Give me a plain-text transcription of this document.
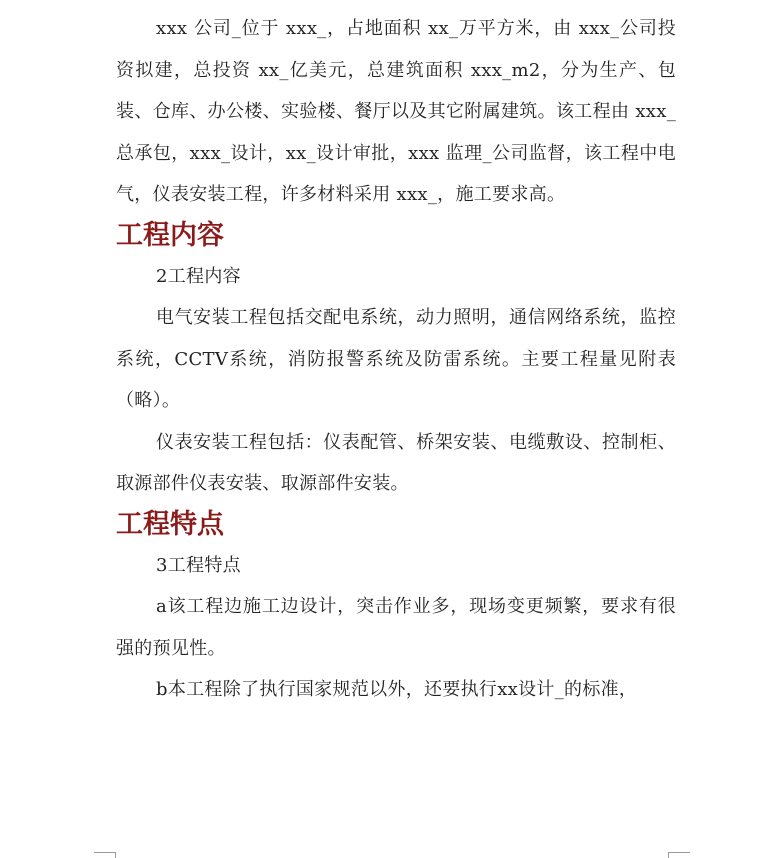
xxx 公司_位于 xxx_，占地面积 xx_万平方米，由 xxx_公司投资拟建，总投资 xx_亿美元，总建筑面积 xxx_m2，分为生产、包装、仓库、办公楼、实验楼、餐厅以及其它附属建筑。该工程由 xxx_总承包，xxx_设计，xx_设计审批，xxx 监理_公司监督，该工程中电气，仪表安装工程，许多材料采用 xxx_，施工要求高。

工程内容

2工程内容

电气安装工程包括交配电系统，动力照明，通信网络系统，监控系统，CCTV系统，消防报警系统及防雷系统。主要工程量见附表（略）。

仪表安装工程包括：仪表配管、桥架安装、电缆敷设、控制柜、取源部件仪表安装、取源部件安装。

工程特点

3工程特点

a该工程边施工边设计，突击作业多，现场变更频繁，要求有很强的预见性。

b本工程除了执行国家规范以外，还要执行xx设计_的标准，
